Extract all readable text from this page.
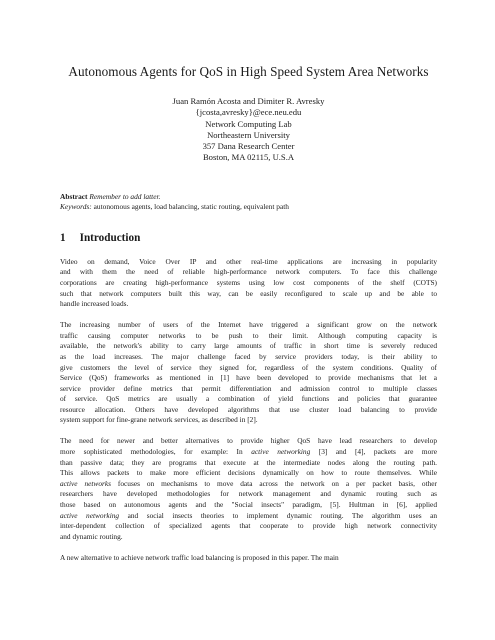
Autonomous Agents for QoS in High Speed System Area Networks
Juan Ramón Acosta and Dimiter R. Avresky
{jcosta,avresky}@ece.neu.edu
Network Computing Lab
Northeastern University
357 Dana Research Center
Boston, MA 02115, U.S.A
Abstract Remember to add latter.
Keywords: autonomous agents, load balancing, static routing, equivalent path
1 Introduction

Video on demand, Voice Over IP and other real-time applications are increasing in popularity
and with them the need of reliable high-performance network computers. To face this challenge
corporations are creating high-performance systems using low cost components of the shelf (COTS)
such that network computers built this way, can be easily reconfigured to scale up and be able to
handle increased loads.

The increasing number of users of the Internet have triggered a significant grow on the network
traffic causing computer networks to be push to their limit. Although computing capacity is
available, the network's ability to carry large amounts of traffic in short time is severely reduced
as the load increases. The major challenge faced by service providers today, is their ability to
give customers the level of service they signed for, regardless of the system conditions. Quality of
Service (QoS) frameworks as mentioned in [1] have been developed to provide mechanisms that let a
service provider define metrics that permit differentiation and admission control to multiple classes
of service. QoS metrics are usually a combination of yield functions and policies that guarantee
resource allocation. Others have developed algorithms that use cluster load balancing to provide
system support for fine-grane network services, as described in [2].

The need for newer and better alternatives to provide higher QoS have lead researchers to develop
more sophisticated methodologies, for example: In active networking [3] and [4], packets are more
than passive data; they are programs that execute at the intermediate nodes along the routing path.
This allows packets to make more efficient decisions dynamically on how to route themselves. While
active networks focuses on mechanisms to move data across the network on a per packet basis, other
researchers have developed methodologies for network management and dynamic routing such as
those based on autonomous agents and the "Social insects" paradigm, [5]. Hultman in [6], applied
active networking and social insects theories to implement dynamic routing. The algorithm uses an
inter-dependent collection of specialized agents that cooperate to provide high network connectivity
and dynamic routing.

A new alternative to achieve network traffic load balancing is proposed in this paper. The main
